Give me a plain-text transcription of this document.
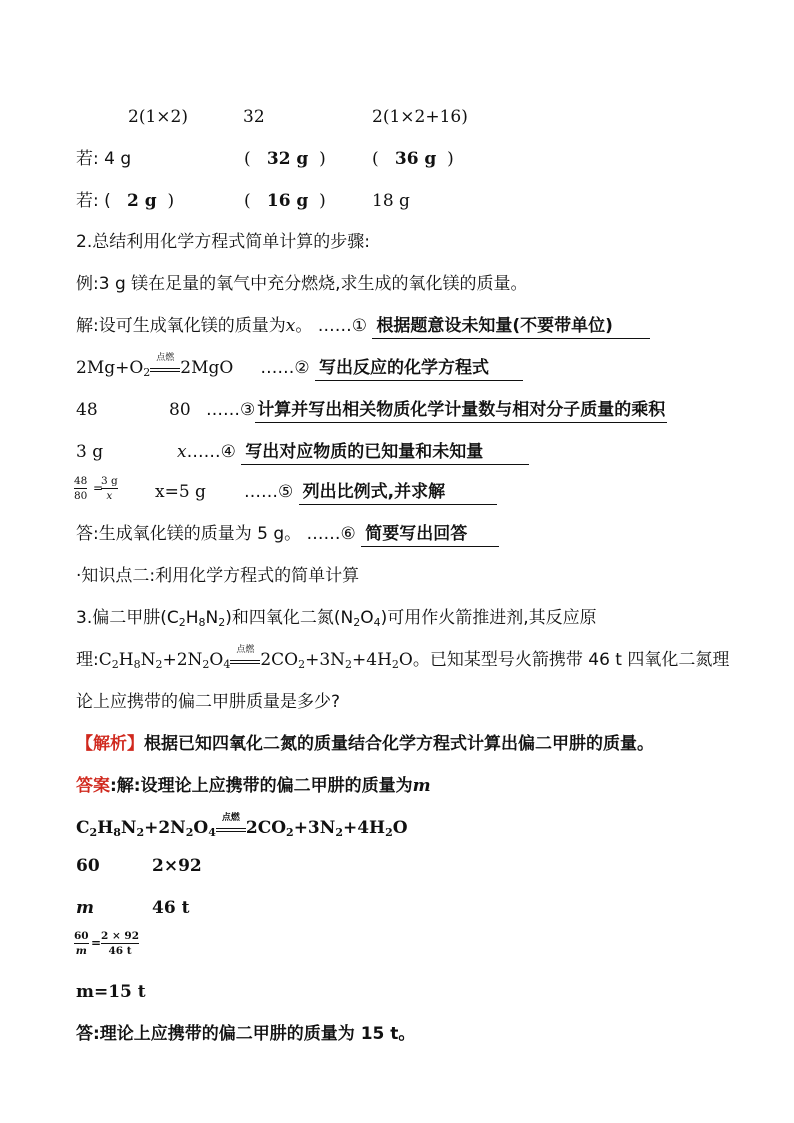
2(1×2)	32	2(1×2+16)
若: 4 g	( 32 g )	( 36 g )
若: ( 2 g )	( 16 g )	18 g
2.总结利用化学方程式简单计算的步骤:
例:3 g 镁在足量的氧气中充分燃烧,求生成的氧化镁的质量。
解:设可生成氧化镁的质量为x。 ……① 根据题意设未知量(不要带单位)
$2Mg+O_2$
点燃
2MgO ……② 写出反应的化学方程式
48	80 ……③ 计算并写出相关物质化学计量数与相对分子质量的乘积
3 g	x……④ 写出对应物质的已知量和未知量
48
80
=
3 g
x	x=5 g ……⑤ 列出比例式,并求解
答:生成氧化镁的质量为 5 g。 ……⑥ 简要写出回答
·知识点二:利用化学方程式的简单计算
3.偏二甲肼$(C_2H_8N_2)$和四氧化二氮$(N_2O_4)$可用作火箭推进剂,其反应原
理$:C_2H_8N_2+2N_2O_4$
点燃
$2CO_2+3N_2+4H_2O$。已知某型号火箭携带 46 t 四氧化二氮理
论上应携带的偏二甲肼质量是多少?
【解析】根据已知四氧化二氮的质量结合化学方程式计算出偏二甲肼的质量。
答案:解:设理论上应携带的偏二甲肼的质量为m
$C_2H_8N_2+2N_2O_4$
点燃
$2CO_2+3N_2+4H_2O$
60	2×92
m	46 t
60
m
= 2 × 92
46 t
m=15 t
答:理论上应携带的偏二甲肼的质量为 15 t。
